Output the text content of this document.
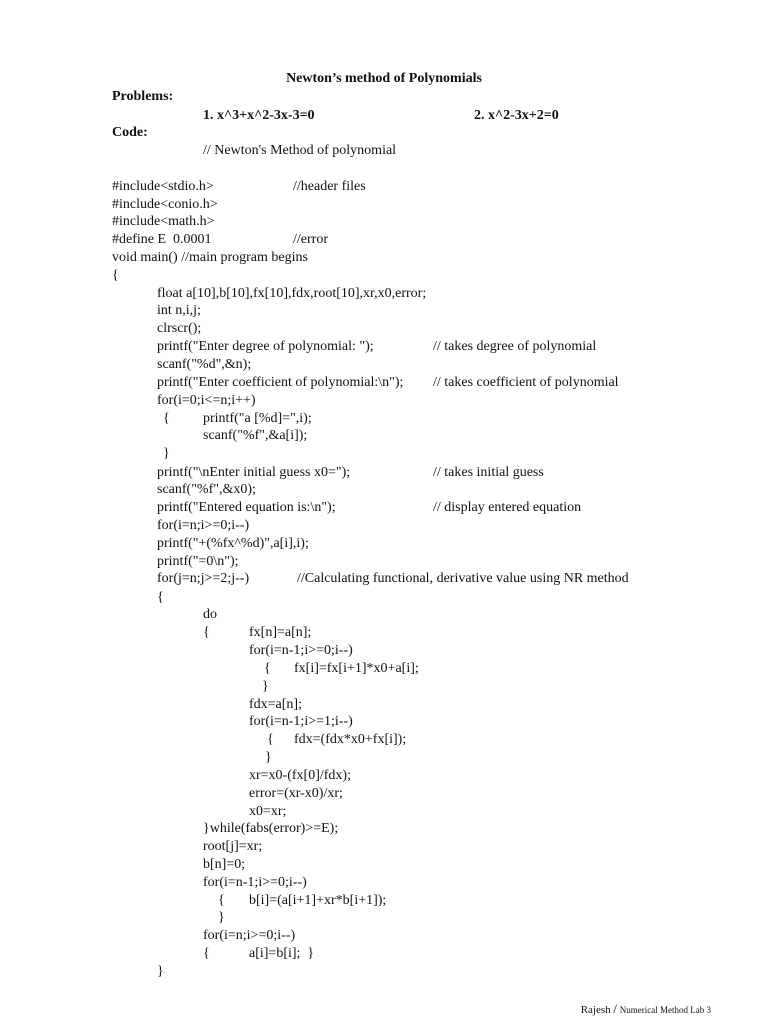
Newton’s method of Polynomials
Problems:
1. x^3+x^2-3x-3=0	2. x^2-3x+2=0
Code:
// Newton's Method of polynomial
#include<stdio.h>	//header files
#include<conio.h>
#include<math.h>
#define E  0.0001	//error
void main() //main program begins
{
float a[10],b[10],fx[10],fdx,root[10],xr,x0,error;
int n,i,j;
clrscr();
printf("Enter degree of polynomial: ");	// takes degree of polynomial
scanf("%d",&n);
printf("Enter coefficient of polynomial:\n"); // takes coefficient of polynomial
for(i=0;i<=n;i++)
{ printf("a [%d]=",i);
scanf("%f",&a[i]);
}
printf("\nEnter initial guess x0=");	// takes initial guess
scanf("%f",&x0);
printf("Entered equation is:\n");	// display entered equation
for(i=n;i>=0;i--)
printf("+(%fx^%d)",a[i],i);
printf("=0\n");
for(j=n;j>=2;j--)	//Calculating functional, derivative value using NR method
{
do
{	fx[n]=a[n];
for(i=n-1;i>=0;i--)
{ fx[i]=fx[i+1]*x0+a[i];
}
fdx=a[n];
for(i=n-1;i>=1;i--)
{ fdx=(fdx*x0+fx[i]);
}
xr=x0-(fx[0]/fdx);
error=(xr-x0)/xr;
x0=xr;
}while(fabs(error)>=E);
root[j]=xr;
b[n]=0;
for(i=n-1;i>=0;i--)
{ b[i]=(a[i+1]+xr*b[i+1]);
}
for(i=n;i>=0;i--)
{	a[i]=b[i];  }
}
Rajesh / Numerical Method Lab 3
